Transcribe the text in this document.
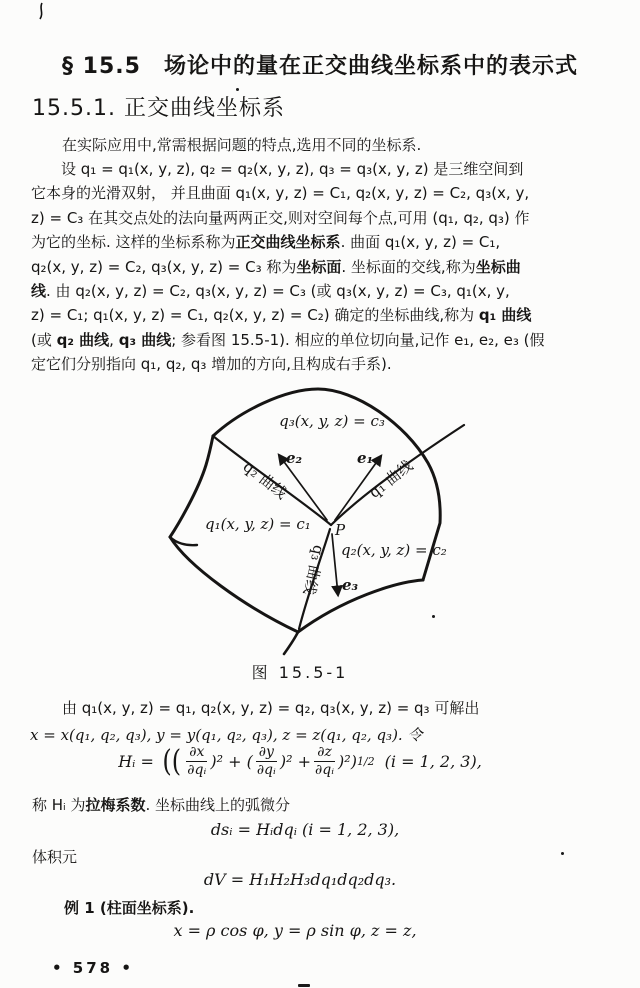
§ 15.5　场论中的量在正交曲线坐标系中的表示式
15.5.1. 正交曲线坐标系
在实际应用中,常需根据问题的特点,选用不同的坐标系.
设 q₁ = q₁(x, y, z), q₂ = q₂(x, y, z), q₃ = q₃(x, y, z) 是三维空间到
它本身的光滑双射， 并且曲面 q₁(x, y, z) = C₁, q₂(x, y, z) = C₂, q₃(x, y,
z) = C₃ 在其交点处的法向量两两正交,则对空间每个点,可用 (q₁, q₂, q₃) 作
为它的坐标. 这样的坐标系称为正交曲线坐标系. 曲面 q₁(x, y, z) = C₁,
q₂(x, y, z) = C₂, q₃(x, y, z) = C₃ 称为坐标面. 坐标面的交线,称为坐标曲
线. 由 q₂(x, y, z) = C₂, q₃(x, y, z) = C₃ (或 q₃(x, y, z) = C₃, q₁(x, y,
z) = C₁; q₁(x, y, z) = C₁, q₂(x, y, z) = C₂) 确定的坐标曲线,称为 q₁ 曲线
(或 q₂ 曲线, q₃ 曲线; 参看图 15.5-1). 相应的单位切向量,记作 e₁, e₂, e₃ (假
定它们分别指向 q₁, q₂, q₃ 增加的方向,且构成右手系).
q₃(x, y, z) = c₃
q₁(x, y, z) = c₁
q₂(x, y, z) = c₂
e₂	e₁
e₃
P
q₂ 曲线	q₁ 曲线
q₃ 曲线
图 15.5-1
由 q₁(x, y, z) = q₁, q₂(x, y, z) = q₂, q₃(x, y, z) = q₃ 可解出
x = x(q₁, q₂, q₃), y = y(q₁, q₂, q₃), z = z(q₁, q₂, q₃). 令
Hᵢ = (( $\frac{\partial x}{\text{∂qᵢ}} )^2$ + ( $\frac{\partial y}{\text{∂qᵢ}} )^2 + \frac{\partial z}{\text{∂qᵢ}} )^2$) 1/2 (i = 1, 2, 3),
称 Hᵢ 为拉梅系数. 坐标曲线上的弧微分
dsᵢ = Hᵢdqᵢ (i = 1, 2, 3),
体积元
dV = H₁H₂H₃dq₁dq₂dq₃.
例 1 (柱面坐标系).
x = ρ cos φ, y = ρ sin φ, z = z,
• 578 •
